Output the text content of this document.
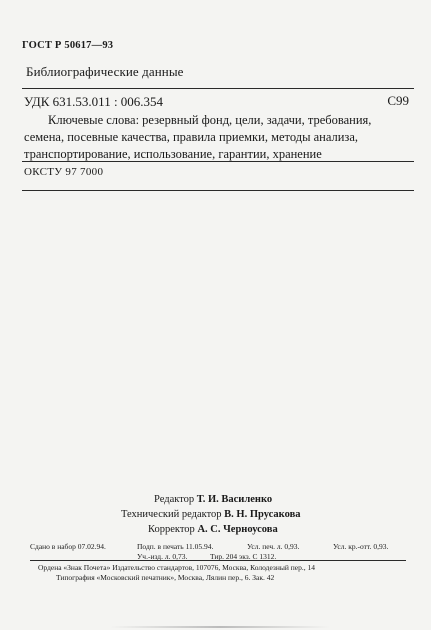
ГОСТ Р 50617—93
Библиографические данные
УДК 631.53.011 : 006.354	С99
Ключевые слова: резервный фонд, цели, задачи, требования, семена, посевные качества, правила приемки, методы анализа, транспортирование, использование, гарантии, хранение
ОКСТУ 97 7000
Редактор Т. И. Василенко
Технический редактор В. Н. Прусакова
Корректор А. С. Черноусова
Сдано в набор 07.02.94.	Подп. в печать 11.05.94.	Усл. печ. л. 0,93.	Усл. кр.-отт. 0,93.
Уч.-изд. л. 0,73.	Тир. 204 экз. С 1312.
Ордена «Знак Почета» Издательство стандартов, 107076, Москва, Колодезный пер., 14
Типография «Московский печатник», Москва, Лялин пер., 6. Зак. 42
